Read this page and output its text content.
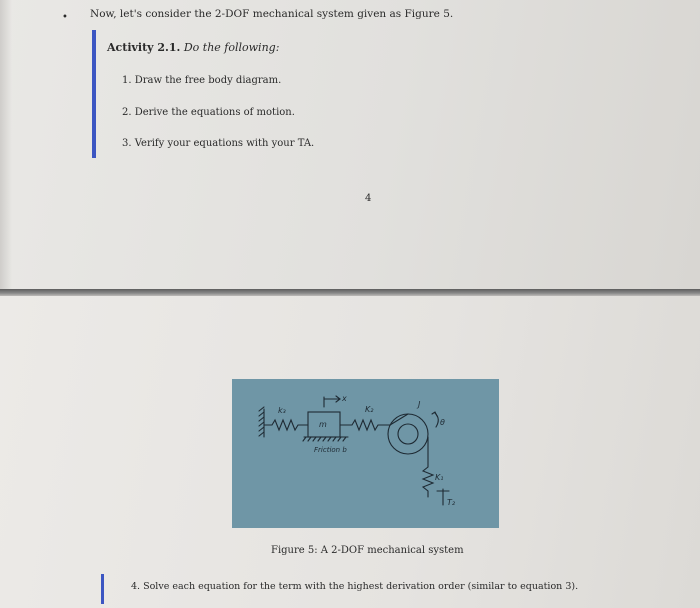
• Now, let's consider the 2-DOF mechanical system given as Figure 5.
Activity 2.1. Do the following:
1. Draw the free body diagram.
2. Derive the equations of motion.
3. Verify your equations with your TA.
4
k₃
x
m
K₂
J
θ
Friction b
K₁
T₂
Figure 5: A 2-DOF mechanical system
4. Solve each equation for the term with the highest derivation order (similar to equation 3).
